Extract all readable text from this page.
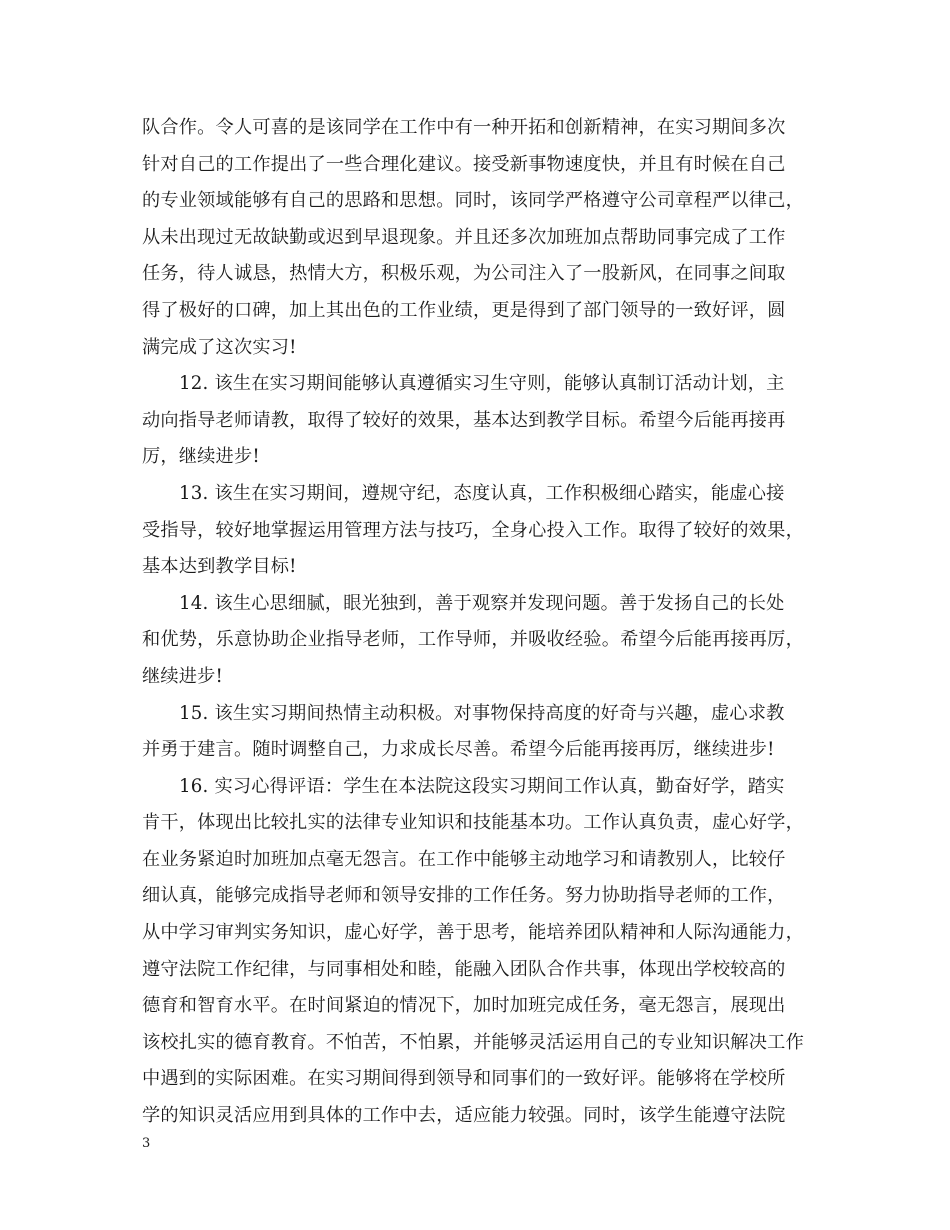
队合作。令人可喜的是该同学在工作中有一种开拓和创新精神，在实习期间多次
针对自己的工作提出了一些合理化建议。接受新事物速度快，并且有时候在自己
的专业领域能够有自己的思路和思想。同时，该同学严格遵守公司章程严以律己，
从未出现过无故缺勤或迟到早退现象。并且还多次加班加点帮助同事完成了工作
任务，待人诚恳，热情大方，积极乐观，为公司注入了一股新风，在同事之间取
得了极好的口碑，加上其出色的工作业绩，更是得到了部门领导的一致好评，圆
满完成了这次实习!
12. 该生在实习期间能够认真遵循实习生守则，能够认真制订活动计划，主
动向指导老师请教，取得了较好的效果，基本达到教学目标。希望今后能再接再
厉，继续进步!
13. 该生在实习期间，遵规守纪，态度认真，工作积极细心踏实，能虚心接
受指导，较好地掌握运用管理方法与技巧，全身心投入工作。取得了较好的效果，
基本达到教学目标!
14. 该生心思细腻，眼光独到，善于观察并发现问题。善于发扬自己的长处
和优势，乐意协助企业指导老师，工作导师，并吸收经验。希望今后能再接再厉，
继续进步!
15. 该生实习期间热情主动积极。对事物保持高度的好奇与兴趣，虚心求教
并勇于建言。随时调整自己，力求成长尽善。希望今后能再接再厉，继续进步!
16. 实习心得评语：学生在本法院这段实习期间工作认真，勤奋好学，踏实
肯干，体现出比较扎实的法律专业知识和技能基本功。工作认真负责，虚心好学，
在业务紧迫时加班加点毫无怨言。在工作中能够主动地学习和请教别人，比较仔
细认真，能够完成指导老师和领导安排的工作任务。努力协助指导老师的工作，
从中学习审判实务知识，虚心好学，善于思考，能培养团队精神和人际沟通能力，
遵守法院工作纪律，与同事相处和睦，能融入团队合作共事，体现出学校较高的
德育和智育水平。在时间紧迫的情况下，加时加班完成任务，毫无怨言，展现出
该校扎实的德育教育。不怕苦，不怕累，并能够灵活运用自己的专业知识解决工作
中遇到的实际困难。在实习期间得到领导和同事们的一致好评。能够将在学校所
学的知识灵活应用到具体的工作中去，适应能力较强。同时，该学生能遵守法院
3
